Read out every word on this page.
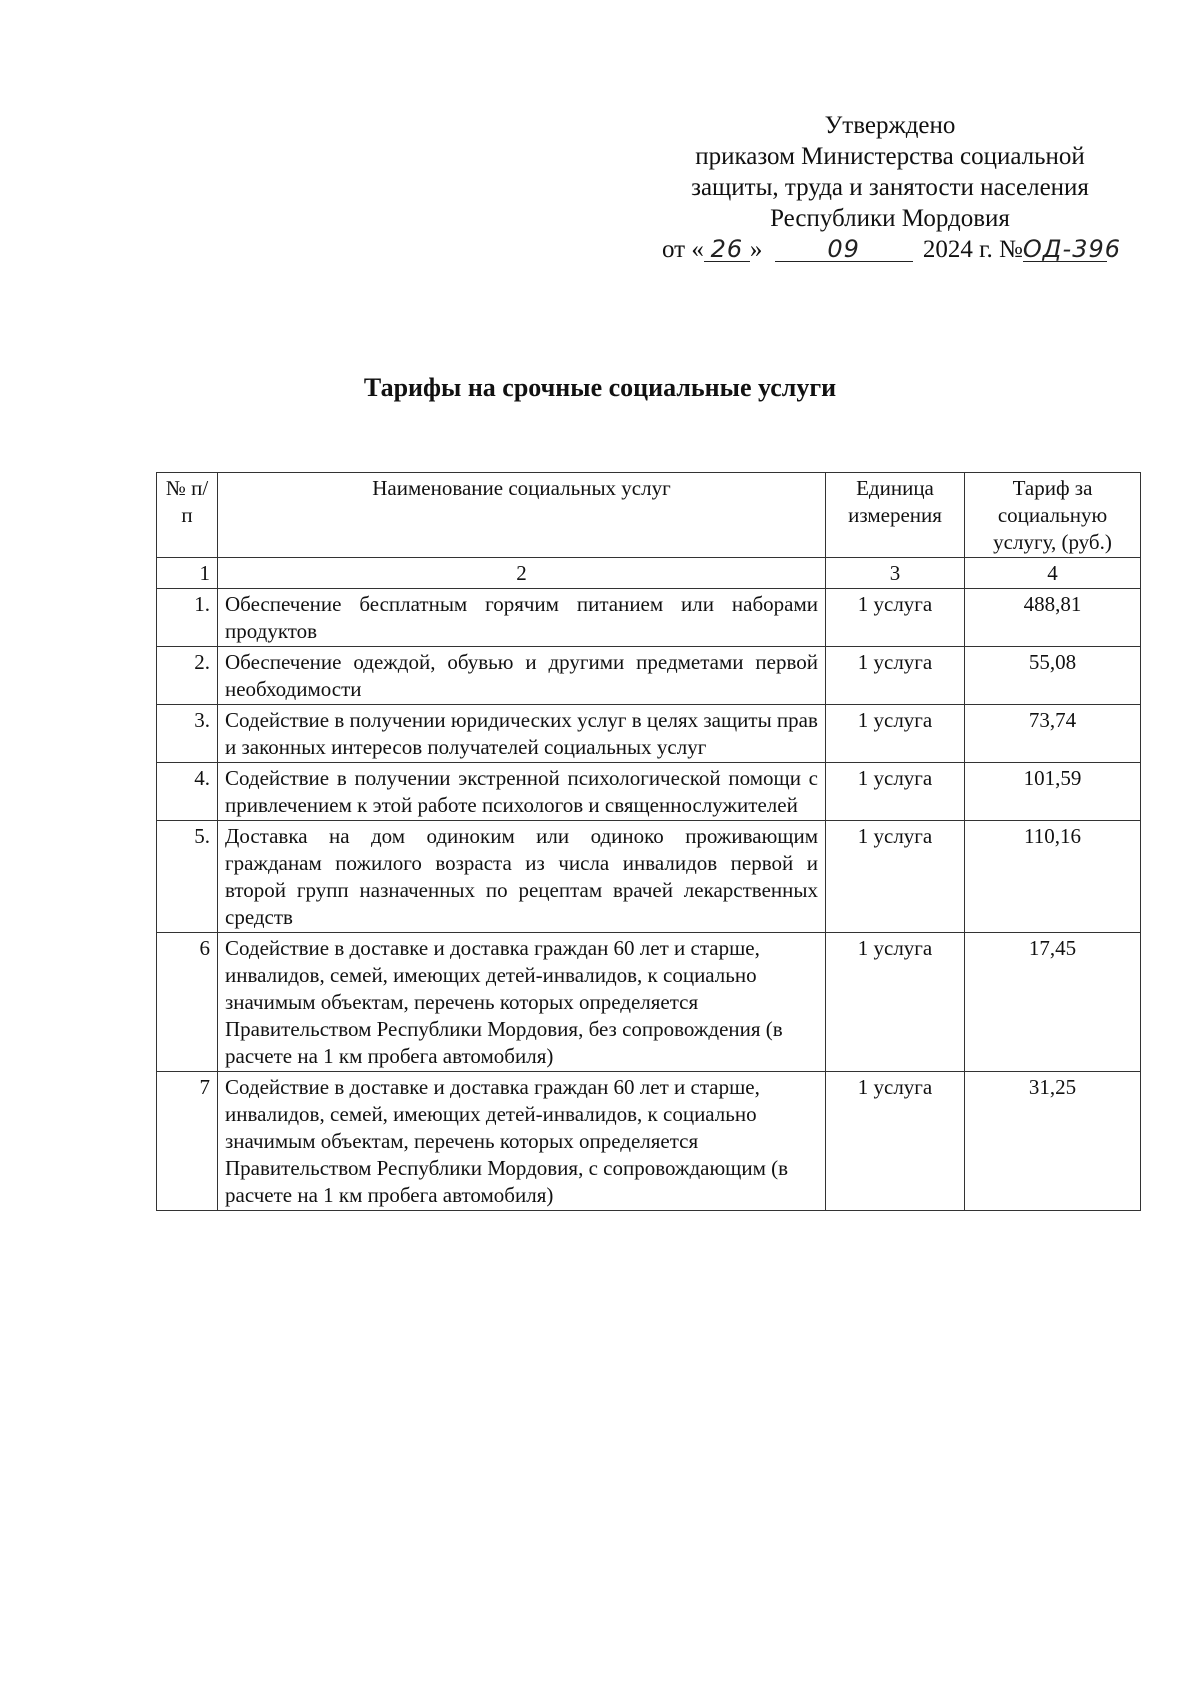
Утверждено
приказом Министерства социальной
защиты, труда и занятости населения
Республики Мордовия
от « 26 »	09	2024 г. №ОД-396
Тарифы на срочные социальные услуги
№ п/п	Наименование социальных услуг	Единица измерения	Тариф за социальную услугу, (руб.)
1	2	3	4
1.	Обеспечение бесплатным горячим питанием или наборами продуктов	1 услуга	488,81
2.	Обеспечение одеждой, обувью и другими предметами первой необходимости	1 услуга	55,08
3.	Содействие в получении юридических услуг в целях защиты прав и законных интересов получателей социальных услуг	1 услуга	73,74
4.	Содействие в получении экстренной психологической помощи с привлечением к этой работе психологов и священнослужителей	1 услуга	101,59
5.	Доставка на дом одиноким или одиноко проживающим гражданам пожилого возраста из числа инвалидов первой и второй групп назначенных по рецептам врачей лекарственных средств	1 услуга	110,16
6	Содействие в доставке и доставка граждан 60 лет и старше, инвалидов, семей, имеющих детей-инвалидов, к социально значимым объектам, перечень которых определяется Правительством Республики Мордовия, без сопровождения (в расчете на 1 км пробега автомобиля)	1 услуга	17,45
7	Содействие в доставке и доставка граждан 60 лет и старше, инвалидов, семей, имеющих детей-инвалидов, к социально значимым объектам, перечень которых определяется Правительством Республики Мордовия, с сопровождающим (в расчете на 1 км пробега автомобиля)	1 услуга	31,25
